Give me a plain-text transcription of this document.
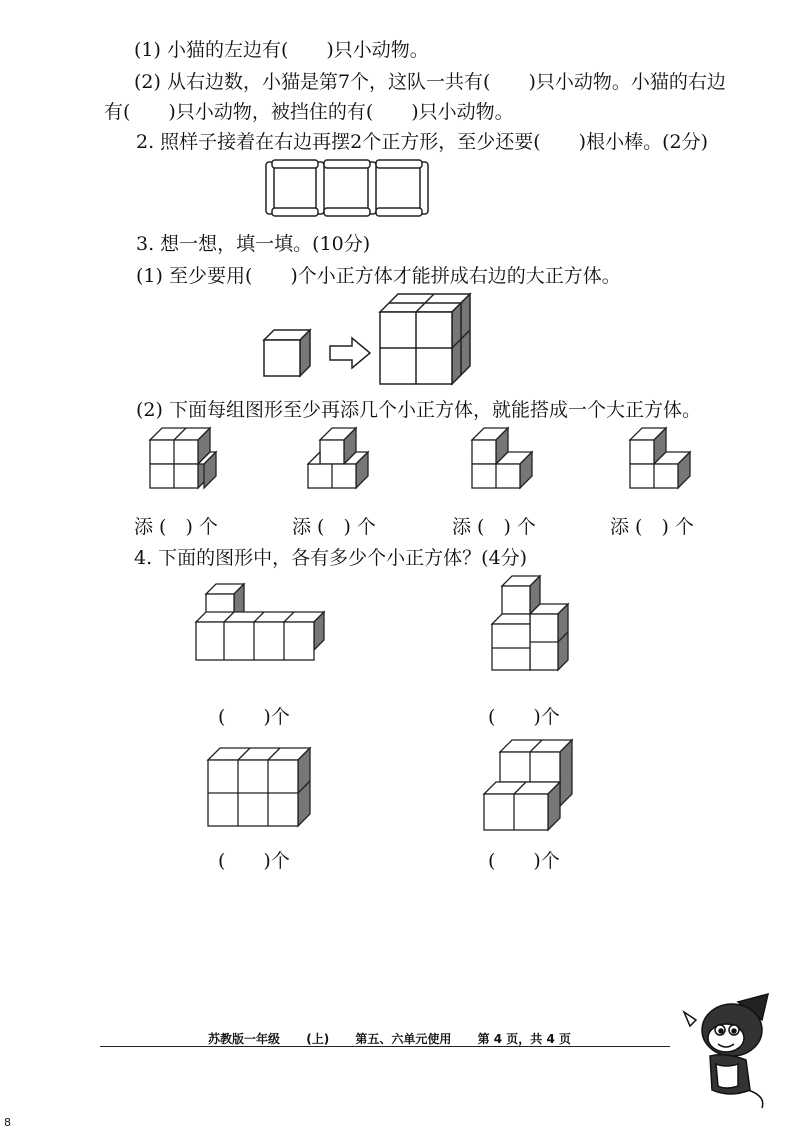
(1) 小猫的左边有(　　)只小动物。
(2) 从右边数，小猫是第7个，这队一共有(　　)只小动物。小猫的右边
有(　　)只小动物，被挡住的有(　　)只小动物。
2. 照样子接着在右边再摆2个正方形，至少还要(　　)根小棒。(2分)
3. 想一想，填一填。(10分)
(1) 至少要用(　　)个小正方体才能拼成右边的大正方体。
(2) 下面每组图形至少再添几个小正方体，就能搭成一个大正方体。
添 (　) 个	添 (　) 个	添 (　) 个	添 (　) 个
4. 下面的图形中，各有多少个小正方体？(4分)
(　　)个	(　　)个
(　　)个	(　　)个
苏教版一年级 (上) 第五、六单元使用 第 4 页，共 4 页
8
